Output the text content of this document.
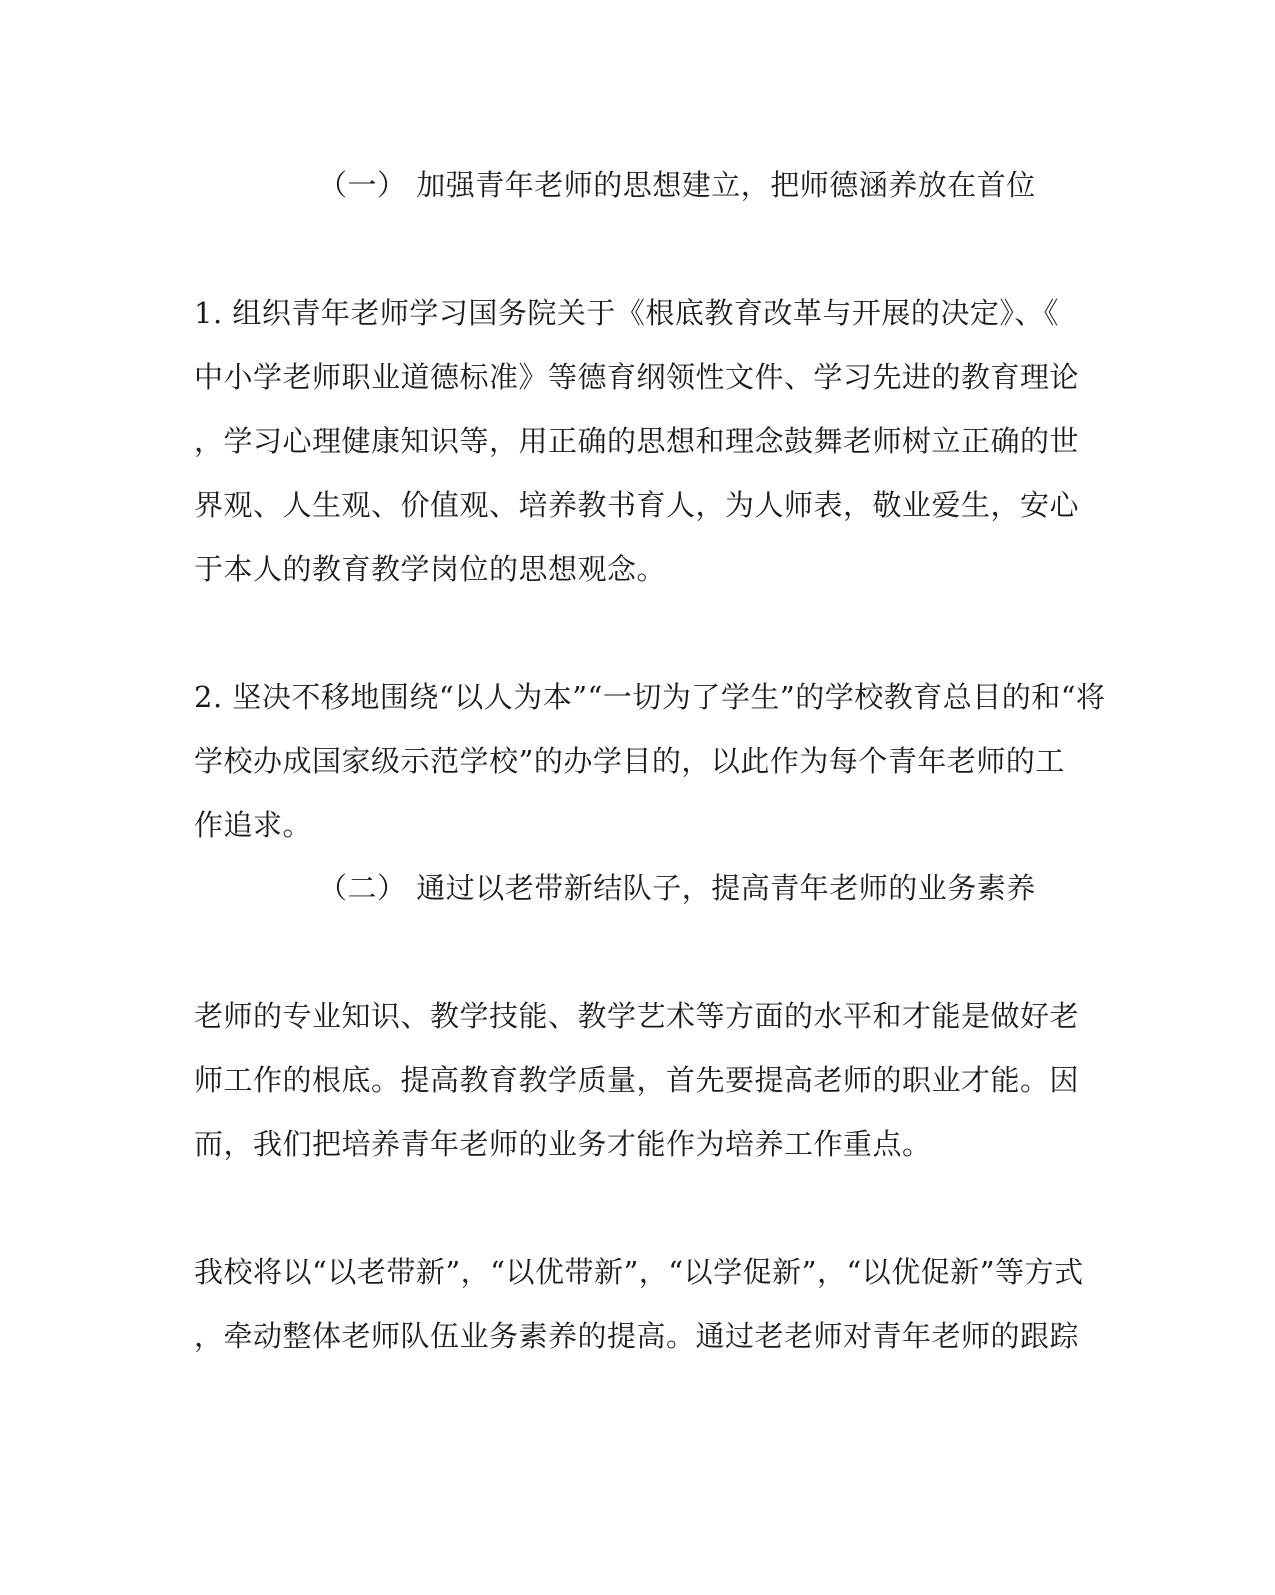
（一） 加强青年老师的思想建立，把师德涵养放在首位
1. 组织青年老师学习国务院关于《根底教育改革与开展的决定》、《
中小学老师职业道德标准》等德育纲领性文件、学习先进的教育理论
，学习心理健康知识等，用正确的思想和理念鼓舞老师树立正确的世
界观、人生观、价值观、培养教书育人，为人师表，敬业爱生，安心
于本人的教育教学岗位的思想观念。
2. 坚决不移地围绕“以人为本”“一切为了学生”的学校教育总目的和“将
学校办成国家级示范学校”的办学目的，以此作为每个青年老师的工
作追求。
（二） 通过以老带新结队子，提高青年老师的业务素养
老师的专业知识、教学技能、教学艺术等方面的水平和才能是做好老
师工作的根底。提高教育教学质量，首先要提高老师的职业才能。因
而，我们把培养青年老师的业务才能作为培养工作重点。
我校将以“以老带新”，“以优带新”，“以学促新”，“以优促新”等方式
，牵动整体老师队伍业务素养的提高。通过老老师对青年老师的跟踪
